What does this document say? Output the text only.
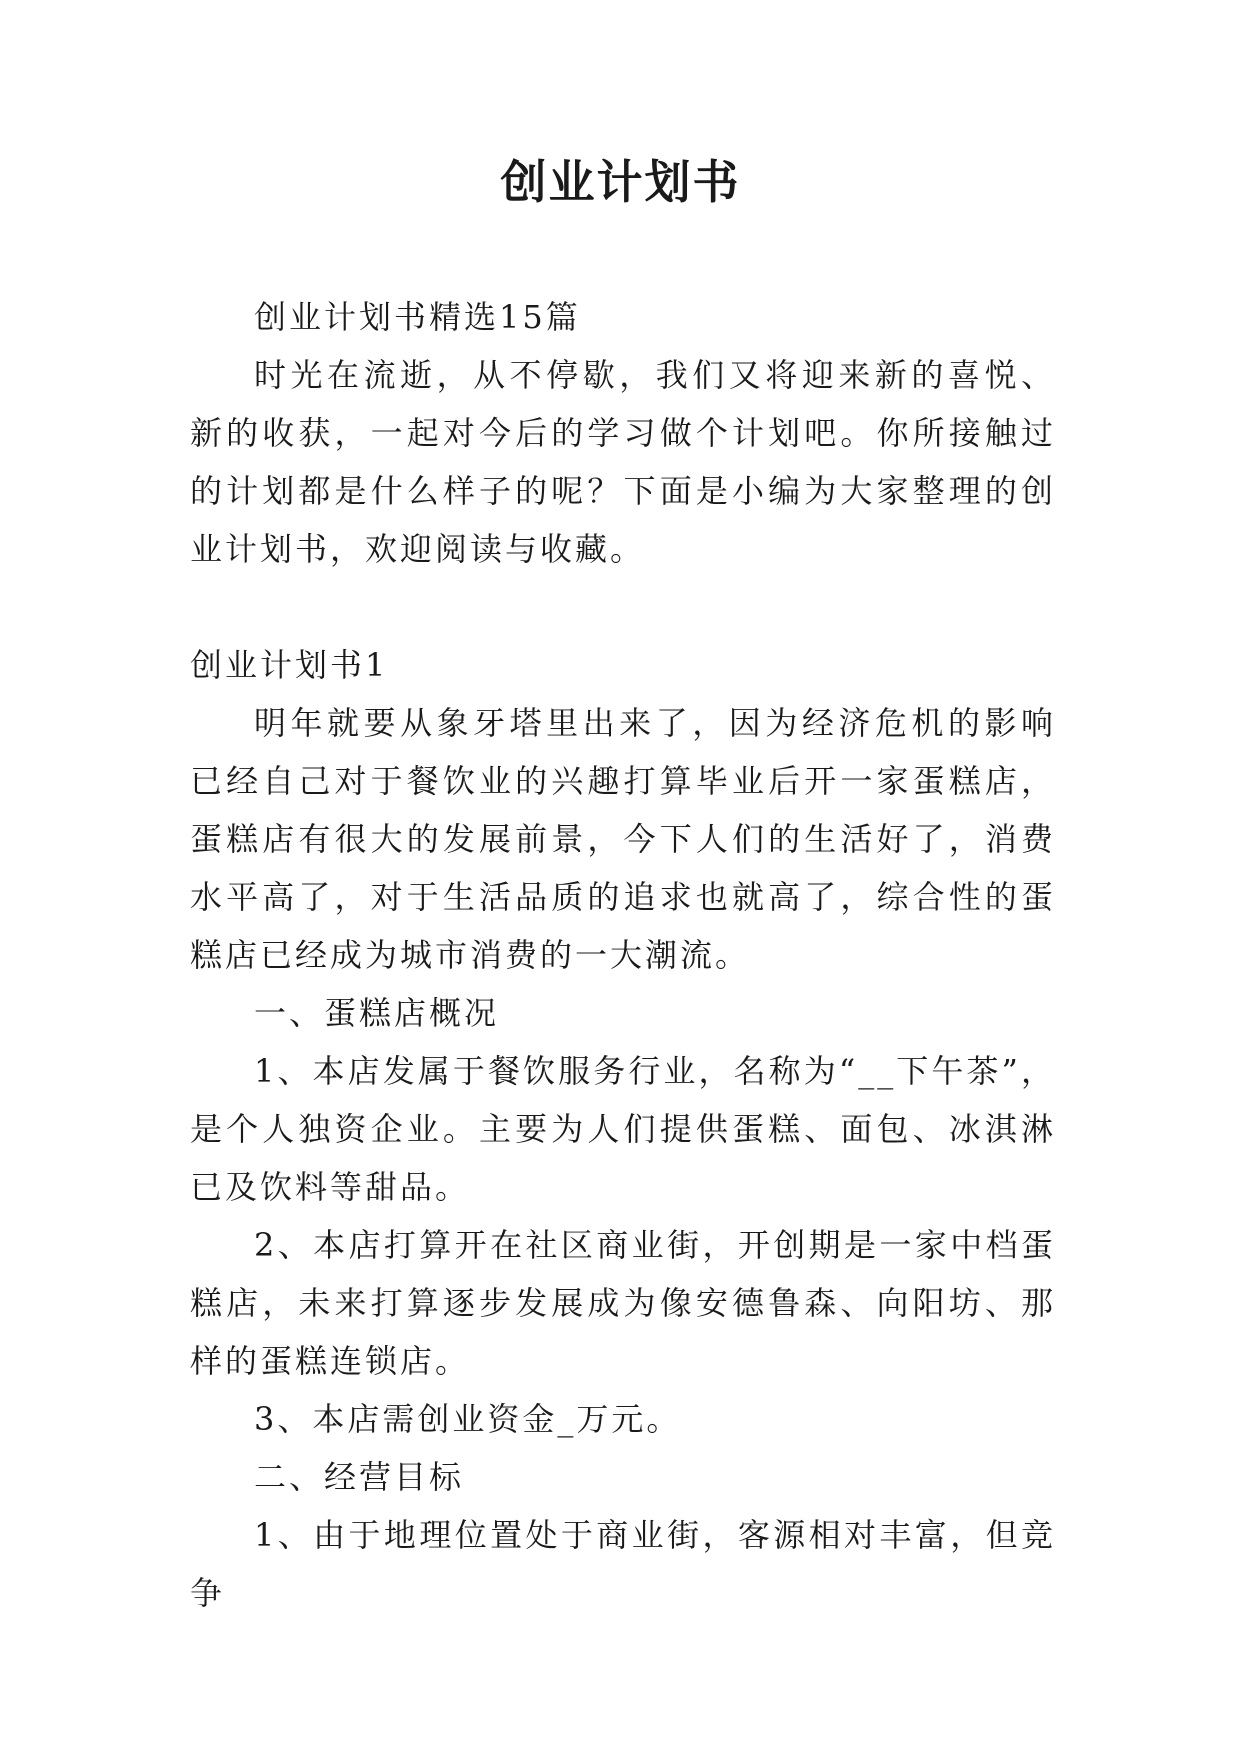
创业计划书

创业计划书精选15篇

时光在流逝，从不停歇，我们又将迎来新的喜悦、新的收获，一起对今后的学习做个计划吧。你所接触过的计划都是什么样子的呢？下面是小编为大家整理的创业计划书，欢迎阅读与收藏。

创业计划书1

明年就要从象牙塔里出来了，因为经济危机的影响已经自己对于餐饮业的兴趣打算毕业后开一家蛋糕店，蛋糕店有很大的发展前景，今下人们的生活好了，消费水平高了，对于生活品质的追求也就高了，综合性的蛋糕店已经成为城市消费的一大潮流。

一、蛋糕店概况

1、本店发属于餐饮服务行业，名称为“__下午茶”，是个人独资企业。主要为人们提供蛋糕、面包、冰淇淋已及饮料等甜品。

2、本店打算开在社区商业街，开创期是一家中档蛋糕店，未来打算逐步发展成为像安德鲁森、向阳坊、那样的蛋糕连锁店。

3、本店需创业资金_万元。

二、经营目标

1、由于地理位置处于商业街，客源相对丰富，但竞争
